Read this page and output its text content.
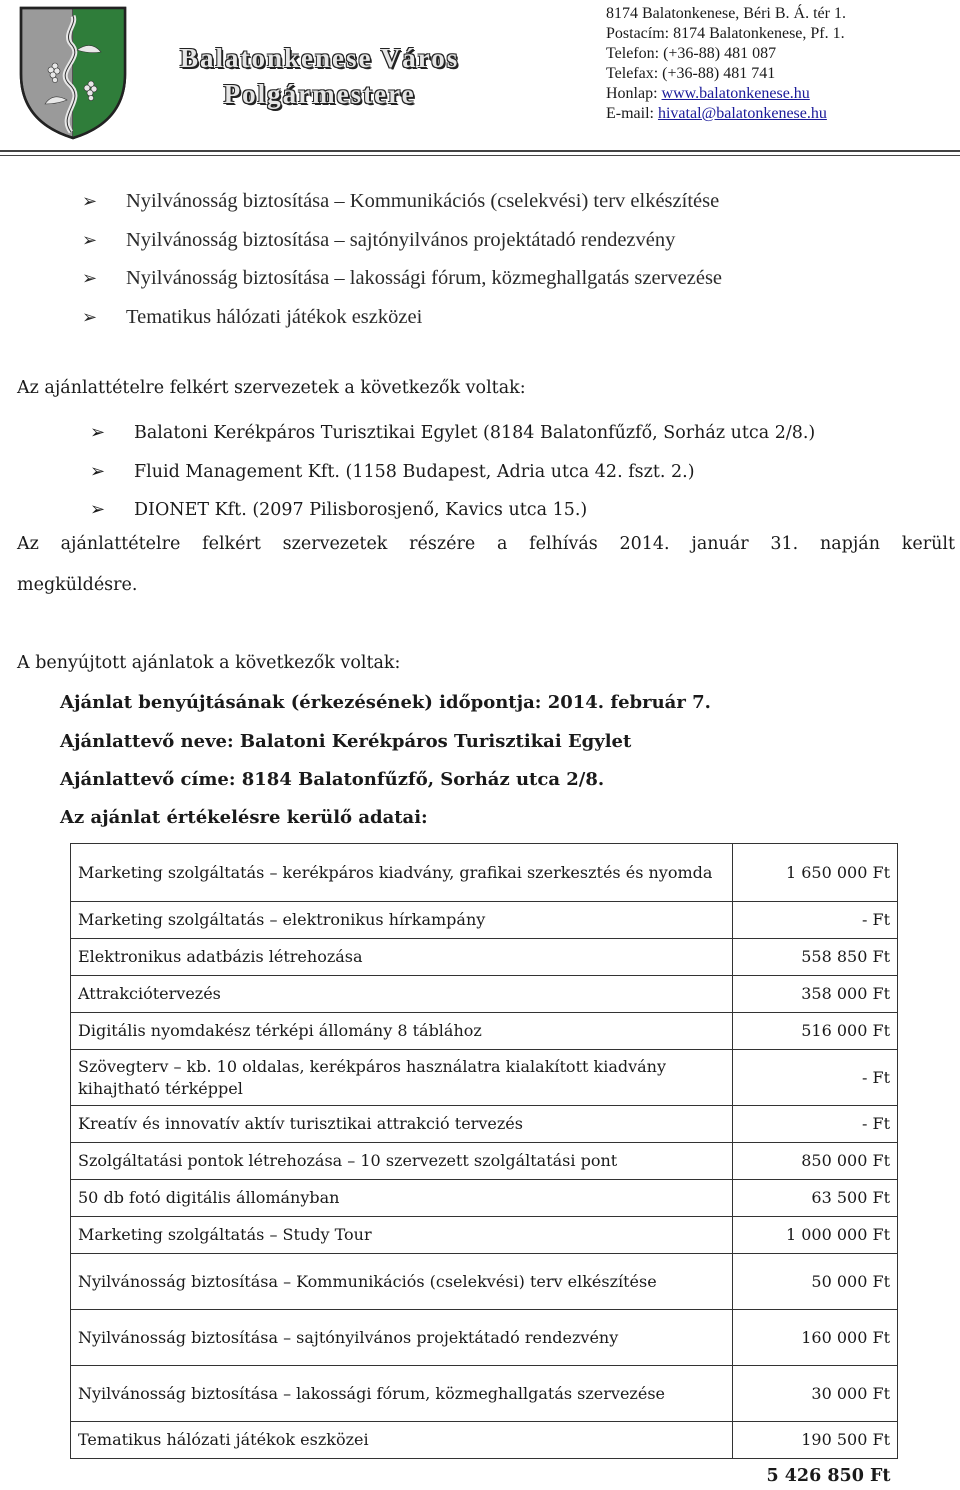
Balatonkenese Város
Polgármestere
8174 Balatonkenese, Béri B. Á. tér 1.
Postacím: 8174 Balatonkenese, Pf. 1.
Telefon: (+36-88) 481 087
Telefax: (+36-88) 481 741
Honlap: www.balatonkenese.hu
E-mail: hivatal@balatonkenese.hu
➢ Nyilvánosság biztosítása – Kommunikációs (cselekvési) terv elkészítése
➢ Nyilvánosság biztosítása – sajtónyilvános projektátadó rendezvény
➢ Nyilvánosság biztosítása – lakossági fórum, közmeghallgatás szervezése
➢ Tematikus hálózati játékok eszközei
Az ajánlattételre felkért szervezetek a következők voltak:
➢ Balatoni Kerékpáros Turisztikai Egylet (8184 Balatonfűzfő, Sorház utca 2/8.)
➢ Fluid Management Kft. (1158 Budapest, Adria utca 42. fszt. 2.)
➢ DIONET Kft. (2097 Pilisborosjenő, Kavics utca 15.)
Az ajánlattételre felkért szervezetek részére a felhívás 2014. január 31. napján került
megküldésre.
A benyújtott ajánlatok a következők voltak:
Ajánlat benyújtásának (érkezésének) időpontja: 2014. február 7.
Ajánlattevő neve: Balatoni Kerékpáros Turisztikai Egylet
Ajánlattevő címe: 8184 Balatonfűzfő, Sorház utca 2/8.
Az ajánlat értékelésre kerülő adatai:
Marketing szolgáltatás – kerékpáros kiadvány, grafikai szerkesztés és nyomda	1 650 000 Ft
Marketing szolgáltatás – elektronikus hírkampány	- Ft
Elektronikus adatbázis létrehozása	558 850 Ft
Attrakciótervezés	358 000 Ft
Digitális nyomdakész térképi állomány 8 táblához	516 000 Ft
Szövegterv – kb. 10 oldalas, kerékpáros használatra kialakított kiadvány kihajtható térképpel	- Ft
Kreatív és innovatív aktív turisztikai attrakció tervezés	- Ft
Szolgáltatási pontok létrehozása – 10 szervezett szolgáltatási pont	850 000 Ft
50 db fotó digitális állományban	63 500 Ft
Marketing szolgáltatás – Study Tour	1 000 000 Ft
Nyilvánosság biztosítása – Kommunikációs (cselekvési) terv elkészítése	50 000 Ft
Nyilvánosság biztosítása – sajtónyilvános projektátadó rendezvény	160 000 Ft
Nyilvánosság biztosítása – lakossági fórum, közmeghallgatás szervezése	30 000 Ft
Tematikus hálózati játékok eszközei	190 500 Ft
	5 426 850 Ft
